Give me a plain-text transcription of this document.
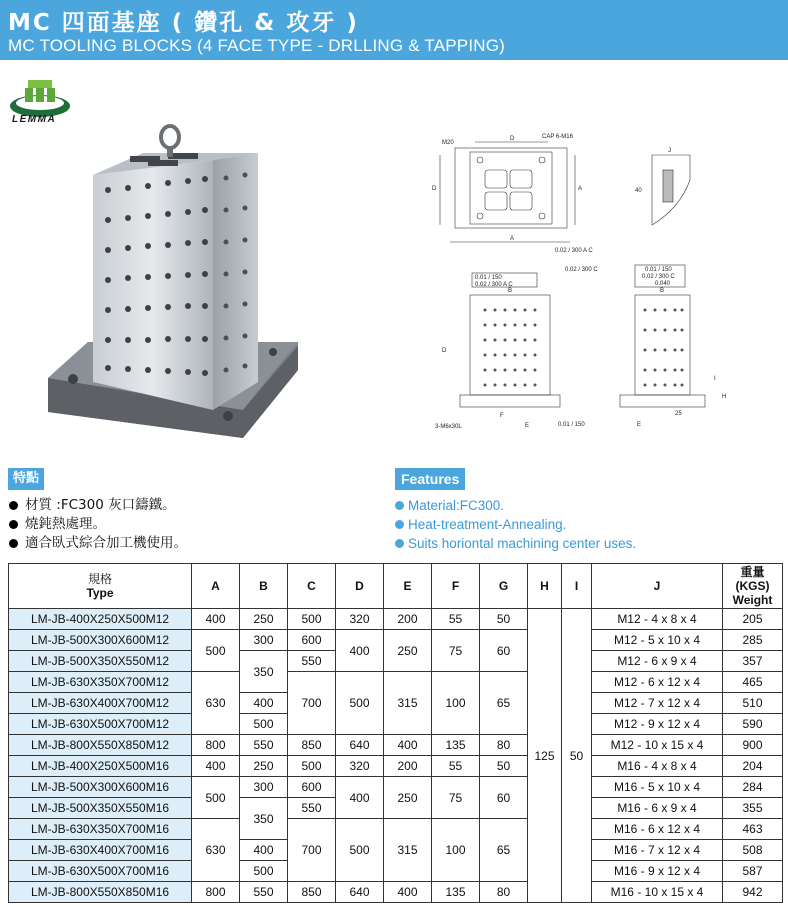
MC 四面基座 ( 鑽孔 & 攻牙 )
MC TOOLING BLOCKS (4 FACE TYPE - DRLLING & TAPPING)
LEMMA
M20
CAP 6-M16
D
A
D	A
0.02 / 300 A C
0.02 / 300 C
J
40
0.01 / 150
0.02 / 300 A C
D
B
3-M6x30L
F
E	0.01 / 150
0.01 / 150
0.02 / 300 C
0.040
B
I
H
25
E
特點
材質 :FC300 灰口鑄鐵。
燒鈍熱處理。
適合臥式綜合加工機使用。
Features
Material:FC300.
Heat-treatment-Annealing.
Suits horiontal machining center uses.
規格
Type	A	B	C	D	E	F	G	H	I	J	重量
(KGS)
Weight
LM-JB-400X250X500M12	400	250	500	320	200	55	50	125	50	M12 - 4 x 8 x 4	205
LM-JB-500X300X600M12	500	300	600	400	250	75	60			M12 - 5 x 10 x 4	285
LM-JB-500X350X550M12		350	550							M12 - 6 x 9 x 4	357
LM-JB-630X350X700M12	630		700	500	315	100	65			M12 - 6 x 12 x 4	465
LM-JB-630X400X700M12		400								M12 - 7 x 12 x 4	510
LM-JB-630X500X700M12		500								M12 - 9 x 12 x 4	590
LM-JB-800X550X850M12	800	550	850	640	400	135	80			M12 - 10 x 15 x 4	900
LM-JB-400X250X500M16	400	250	500	320	200	55	50			M16 - 4 x 8 x 4	204
LM-JB-500X300X600M16	500	300	600	400	250	75	60			M16 - 5 x 10 x 4	284
LM-JB-500X350X550M16		350	550							M16 - 6 x 9 x 4	355
LM-JB-630X350X700M16	630		700	500	315	100	65			M16 - 6 x 12 x 4	463
LM-JB-630X400X700M16		400								M16 - 7 x 12 x 4	508
LM-JB-630X500X700M16		500								M16 - 9 x 12 x 4	587
LM-JB-800X550X850M16	800	550	850	640	400	135	80			M16 - 10 x 15 x 4	942
